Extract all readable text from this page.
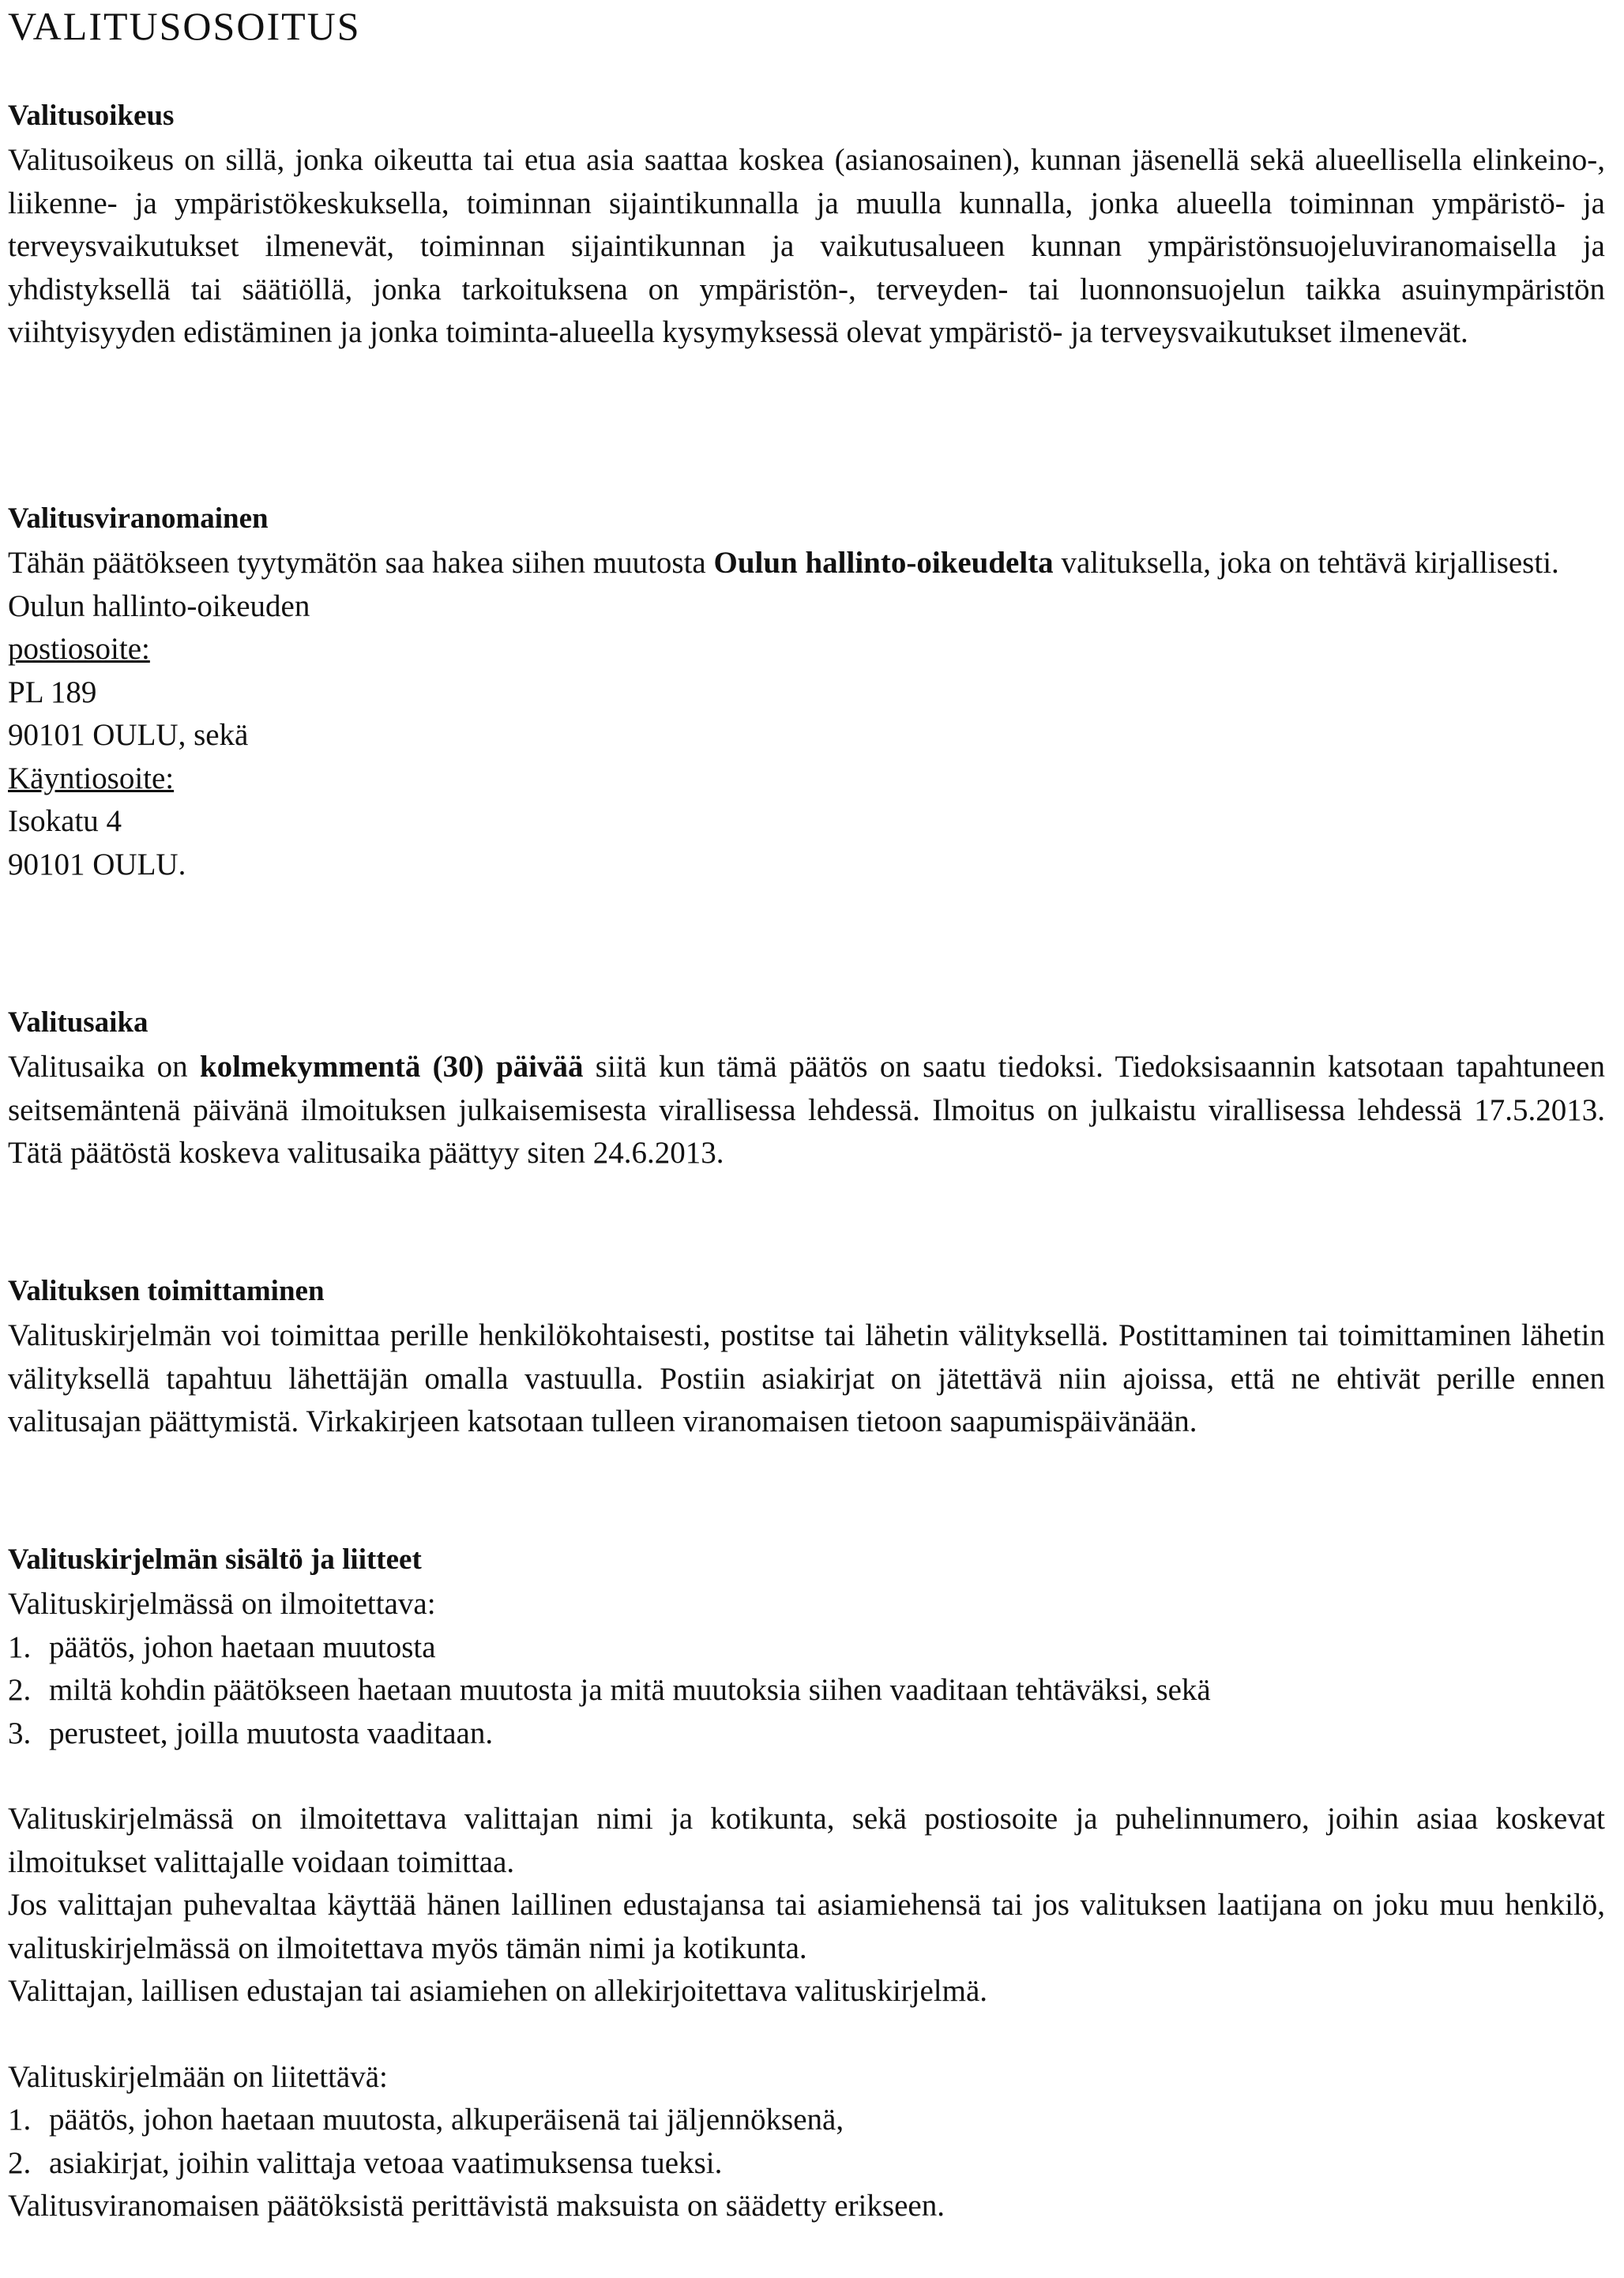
VALITUSOSOITUS

Valitusoikeus

Valitusoikeus on sillä, jonka oikeutta tai etua asia saattaa koskea (asianosainen), kunnan jäsenellä sekä alueellisella elinkeino-, liikenne- ja ympäristökeskuksella, toiminnan sijaintikunnalla ja muulla kunnalla, jonka alueella toiminnan ympäristö- ja terveysvaikutukset ilmenevät, toiminnan sijaintikunnan ja vaikutusalueen kunnan ympäristönsuojeluviranomaisella ja yhdistyksellä tai säätiöllä, jonka tarkoituksena on ympäristön-, terveyden- tai luonnonsuojelun taikka asuinympäristön viihtyisyyden edistäminen ja jonka toiminta-alueella kysymyksessä olevat ympäristö- ja terveysvaikutukset ilmenevät.

Valitusviranomainen

Tähän päätökseen tyytymätön saa hakea siihen muutosta Oulun hallinto-oikeudelta valituksella, joka on tehtävä kirjallisesti.

Oulun hallinto-oikeuden
postiosoite:
PL 189
90101 OULU, sekä
Käyntiosoite:
Isokatu 4
90101 OULU.

Valitusaika

Valitusaika on kolmekymmentä (30) päivää siitä kun tämä päätös on saatu tiedoksi. Tiedoksisaannin katsotaan tapahtuneen seitsemäntenä päivänä ilmoituksen julkaisemisesta virallisessa lehdessä. Ilmoitus on julkaistu virallisessa lehdessä 17.5.2013. Tätä päätöstä koskeva valitusaika päättyy siten 24.6.2013.

Valituksen toimittaminen

Valituskirjelmän voi toimittaa perille henkilökohtaisesti, postitse tai lähetin välityksellä. Postittaminen tai toimittaminen lähetin välityksellä tapahtuu lähettäjän omalla vastuulla. Postiin asiakirjat on jätettävä niin ajoissa, että ne ehtivät perille ennen valitusajan päättymistä. Virkakirjeen katsotaan tulleen viranomaisen tietoon saapumispäivänään.

Valituskirjelmän sisältö ja liitteet

Valituskirjelmässä on ilmoitettava:
1. päätös, johon haetaan muutosta
2. miltä kohdin päätökseen haetaan muutosta ja mitä muutoksia siihen vaaditaan tehtäväksi, sekä
3. perusteet, joilla muutosta vaaditaan.

Valituskirjelmässä on ilmoitettava valittajan nimi ja kotikunta, sekä postiosoite ja puhelinnumero, joihin asiaa koskevat ilmoitukset valittajalle voidaan toimittaa.

Jos valittajan puhevaltaa käyttää hänen laillinen edustajansa tai asiamiehensä tai jos valituksen laatijana on joku muu henkilö, valituskirjelmässä on ilmoitettava myös tämän nimi ja kotikunta.

Valittajan, laillisen edustajan tai asiamiehen on allekirjoitettava valituskirjelmä.

Valituskirjelmään on liitettävä:
1. päätös, johon haetaan muutosta, alkuperäisenä tai jäljennöksenä,
2. asiakirjat, joihin valittaja vetoaa vaatimuksensa tueksi.
Valitusviranomaisen päätöksistä perittävistä maksuista on säädetty erikseen.
